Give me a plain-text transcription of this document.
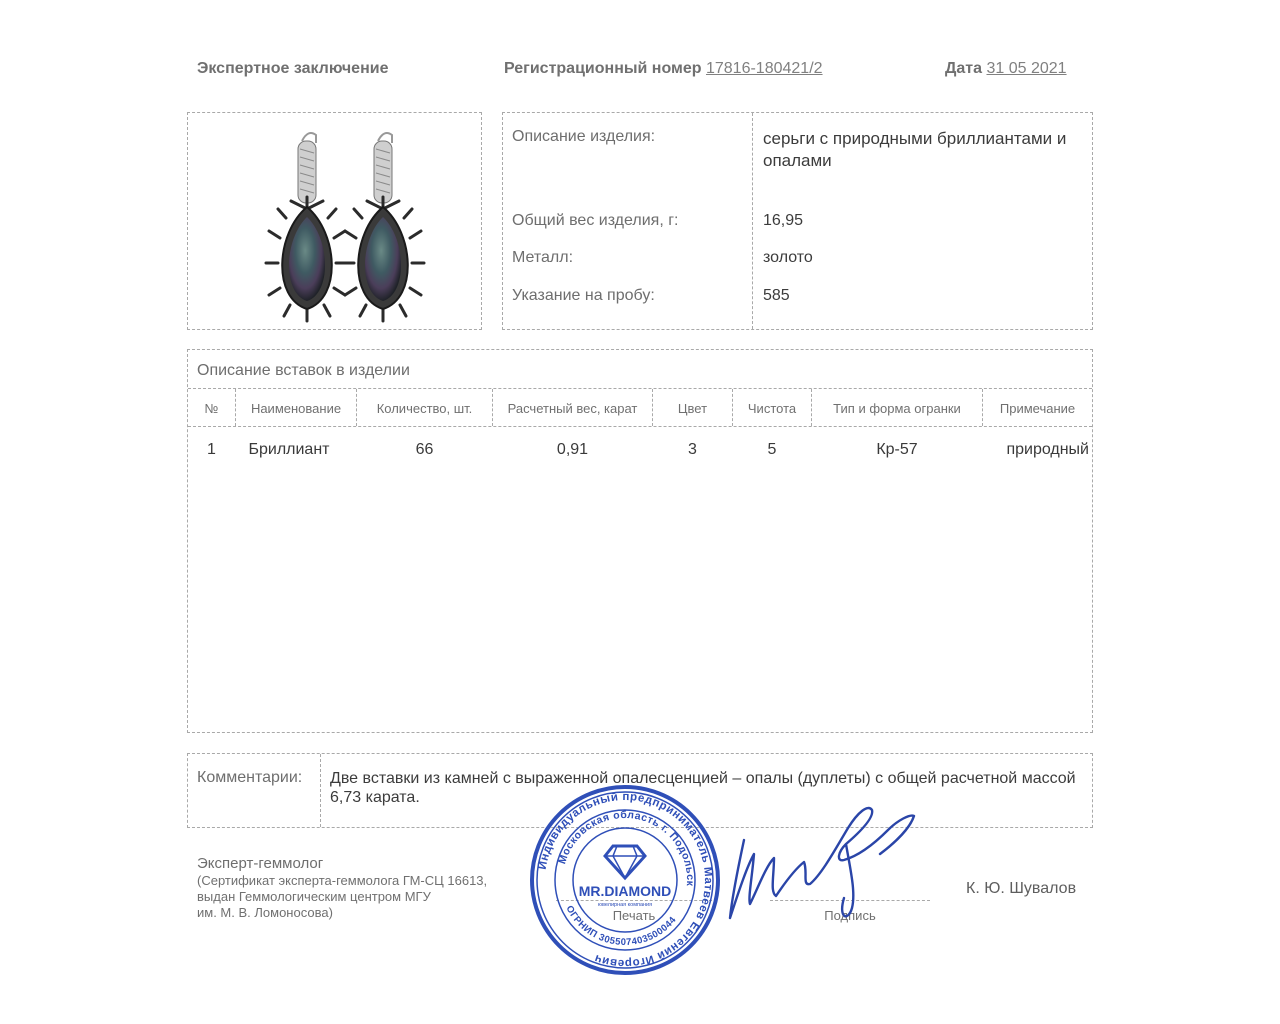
Экспертное заключение	Регистрационный номер 17816-180421/2	Дата 31 05 2021
Описание изделия:	серьги с природными бриллиантами и опалами
Общий вес изделия, г:	16,95
Металл:	золото
Указание на пробу:	585
Описание вставок в изделии
№	Наименование	Количество, шт.	Расчетный вес, карат	Цвет	Чистота	Тип и форма огранки	Примечание
1	Бриллиант	66	0,91	3	5	Кр-57	природный
Комментарии: Две вставки из камней с выраженной опалесценцией – опалы (дуплеты) с общей расчетной массой 6,73 карата.
Эксперт-геммолог
(Сертификат эксперта-геммолога ГМ-СЦ 16613,
выдан Геммологическим центром МГУ
им. М. В. Ломоносова)	Печать	Подпись
К. Ю. Шувалов
Индивидуальный предприниматель Матвеев Евгений Игоревич
Московская область г. Подольск
ОГРНИП 305507403500044
MR.DIAMOND
ювелирная компания
